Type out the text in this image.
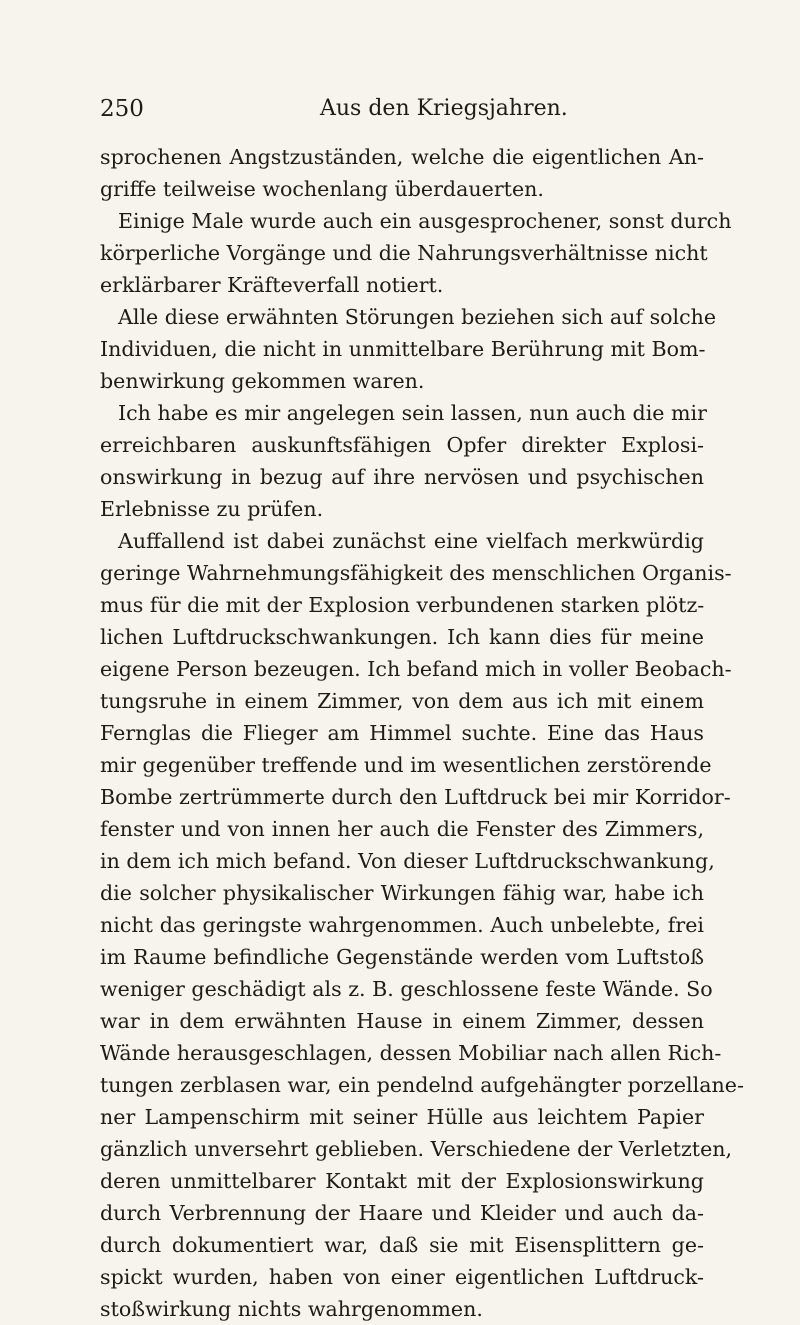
250	Aus den Kriegsjahren.
sprochenen Angstzuständen, welche die eigentlichen An-
griffe teilweise wochenlang überdauerten.
Einige Male wurde auch ein ausgesprochener, sonst durch
körperliche Vorgänge und die Nahrungsverhältnisse nicht
erklärbarer Kräfteverfall notiert.
Alle diese erwähnten Störungen beziehen sich auf solche
Individuen, die nicht in unmittelbare Berührung mit Bom-
benwirkung gekommen waren.
Ich habe es mir angelegen sein lassen, nun auch die mir
erreichbaren auskunftsfähigen Opfer direkter Explosi-
onswirkung in bezug auf ihre nervösen und psychischen
Erlebnisse zu prüfen.
Auffallend ist dabei zunächst eine vielfach merkwürdig
geringe Wahrnehmungsfähigkeit des menschlichen Organis-
mus für die mit der Explosion verbundenen starken plötz-
lichen Luftdruckschwankungen. Ich kann dies für meine
eigene Person bezeugen. Ich befand mich in voller Beobach-
tungsruhe in einem Zimmer, von dem aus ich mit einem
Fernglas die Flieger am Himmel suchte. Eine das Haus
mir gegenüber treffende und im wesentlichen zerstörende
Bombe zertrümmerte durch den Luftdruck bei mir Korridor-
fenster und von innen her auch die Fenster des Zimmers,
in dem ich mich befand. Von dieser Luftdruckschwankung,
die solcher physikalischer Wirkungen fähig war, habe ich
nicht das geringste wahrgenommen. Auch unbelebte, frei
im Raume befindliche Gegenstände werden vom Luftstoß
weniger geschädigt als z. B. geschlossene feste Wände. So
war in dem erwähnten Hause in einem Zimmer, dessen
Wände herausgeschlagen, dessen Mobiliar nach allen Rich-
tungen zerblasen war, ein pendelnd aufgehängter porzellane-
ner Lampenschirm mit seiner Hülle aus leichtem Papier
gänzlich unversehrt geblieben. Verschiedene der Verletzten,
deren unmittelbarer Kontakt mit der Explosionswirkung
durch Verbrennung der Haare und Kleider und auch da-
durch dokumentiert war, daß sie mit Eisensplittern ge-
spickt wurden, haben von einer eigentlichen Luftdruck-
stoßwirkung nichts wahrgenommen.
